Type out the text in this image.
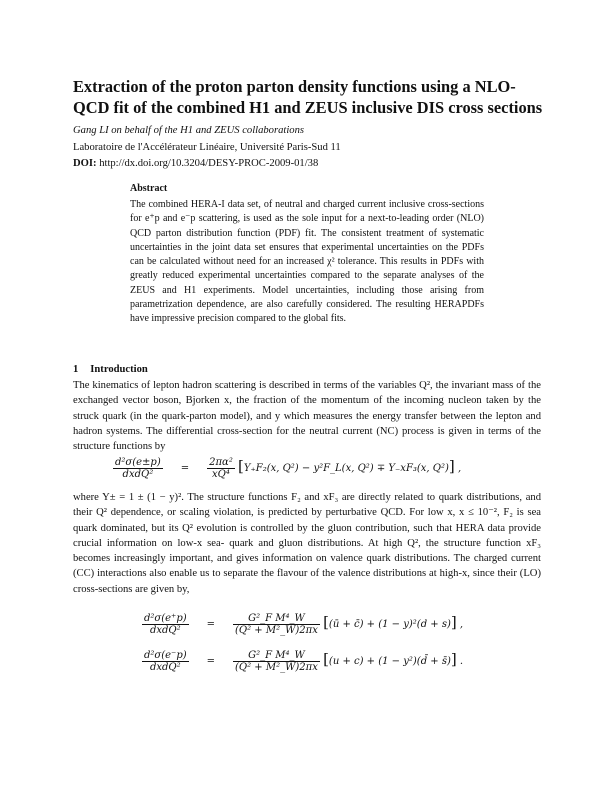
Extraction of the proton parton density functions using a NLO-QCD fit of the combined H1 and ZEUS inclusive DIS cross sections
Gang LI on behalf of the H1 and ZEUS collaborations
Laboratoire de l'Accélérateur Linéaire, Université Paris-Sud 11
DOI: http://dx.doi.org/10.3204/DESY-PROC-2009-01/38
Abstract
The combined HERA-I data set, of neutral and charged current inclusive cross-sections for e⁺p and e⁻p scattering, is used as the sole input for a next-to-leading order (NLO) QCD parton distribution function (PDF) fit. The consistent treatment of systematic uncertainties in the joint data set ensures that experimental uncertainties on the PDFs can be calculated without need for an increased χ² tolerance. This results in PDFs with greatly reduced experimental uncertainties compared to the separate analyses of the ZEUS and H1 experiments. Model uncertainties, including those arising from parametrization dependence, are also carefully considered. The resulting HERAPDFs have impressive precision compared to the global fits.
1 Introduction
The kinematics of lepton hadron scattering is described in terms of the variables Q², the invariant mass of the exchanged vector boson, Bjorken x, the fraction of the momentum of the incoming nucleon taken by the struck quark (in the quark-parton model), and y which measures the energy transfer between the lepton and hadron systems. The differential cross-section for the neutral current (NC) process is given in terms of the structure functions by
$\frac{\text{d²σ(e±p)}}{\text{dxdQ²}} = \frac{\text{2πα²}}{\text{xQ⁴}} [Y_+F_2(x$, Q²) − y²F_L(x, Q²) ∓ Y₋xF₃(x, Q²)] ,
where Y± = 1 ± (1 − y)². The structure functions F₂ and xF₃ are directly related to quark distributions, and their Q² dependence, or scaling violation, is predicted by perturbative QCD. For low x, x ≤ 10⁻², F₂ is sea quark dominated, but its Q² evolution is controlled by the gluon contribution, such that HERA data provide crucial information on low-x sea- quark and gluon distributions. At high Q², the structure function xF₃ becomes increasingly important, and gives information on valence quark distributions. The charged current (CC) interactions also enable us to separate the flavour of the valence distributions at high-x, since their (LO) cross-sections are given by,
$\frac{\text{d²σ(e⁺p)}}{\text{dxdQ²}} = \frac{\text{G²\_F M⁴\_W}}{\text{(Q² + M²\_W)2πx}}$ [(ū + c̄) + (1 − y)²(d + s)] ,
$\frac{\text{d²σ(e⁻p)}}{\text{dxdQ²}} = \frac{\text{G²\_F M⁴\_W}}{\text{(Q² + M²\_W)2πx}} [(u + c) + (1$ − y²)(d̄ + s̄)] .
